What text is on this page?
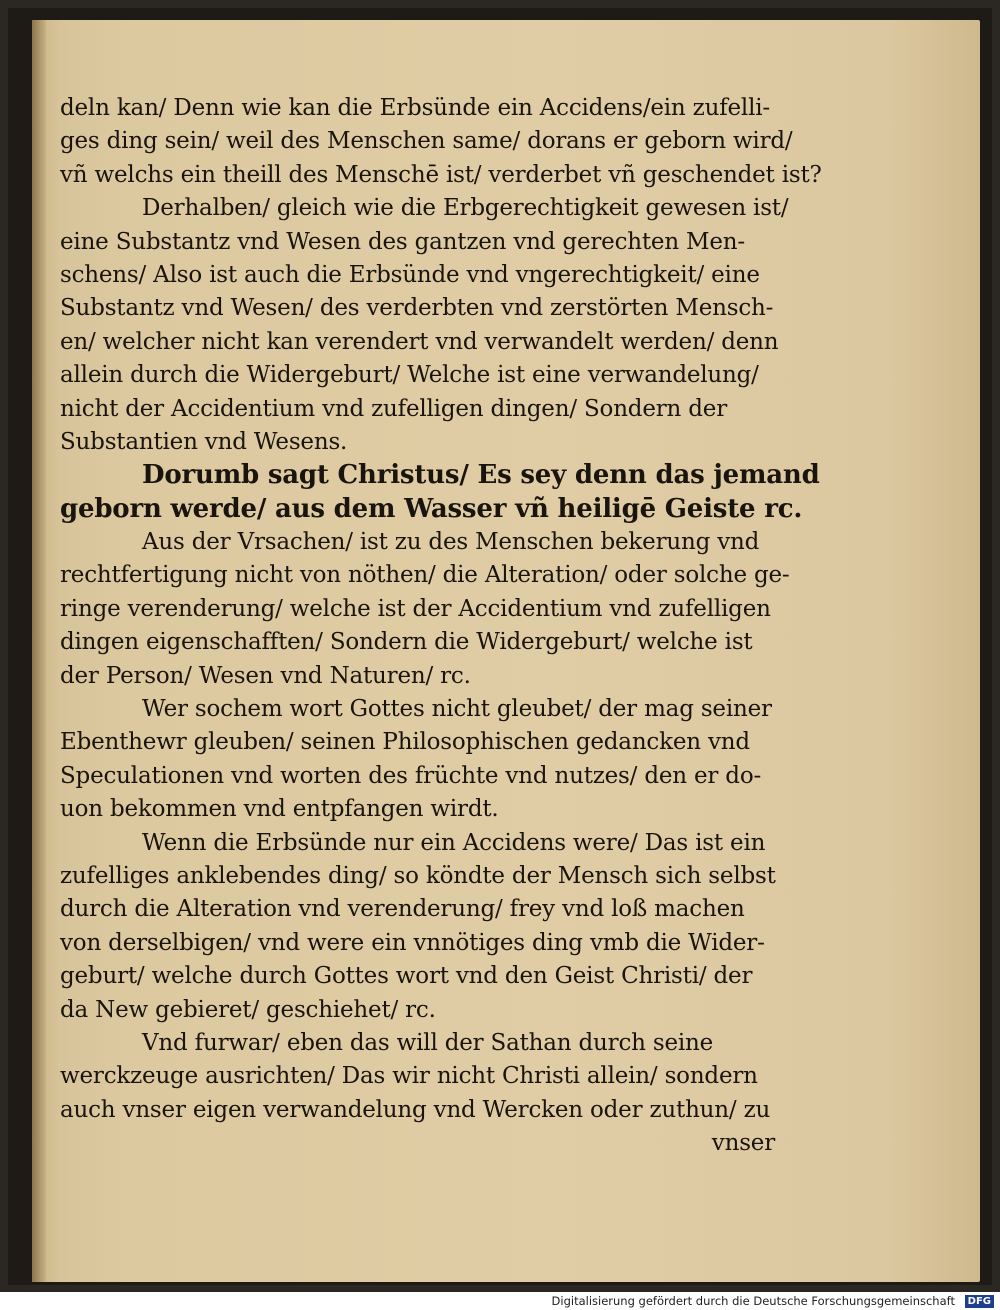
deln kan/ Denn wie kan die Erbsünde ein Accidens/ein zufelli-
ges ding sein/ weil des Menschen same/ dorans er geborn wird/
vñ welchs ein theill des Menschē ist/ verderbet vñ geschendet ist?
Derhalben/ gleich wie die Erbgerechtigkeit gewesen ist/
eine Substantz vnd Wesen des gantzen vnd gerechten Men-
schens/ Also ist auch die Erbsünde vnd vngerechtigkeit/ eine
Substantz vnd Wesen/ des verderbten vnd zerstörten Mensch-
en/ welcher nicht kan verendert vnd verwandelt werden/ denn
allein durch die Widergeburt/ Welche ist eine verwandelung/
nicht der Accidentium vnd zufelligen dingen/ Sondern der
Substantien vnd Wesens.
Dorumb sagt Christus/ Es sey denn das jemand
geborn werde/ aus dem Wasser vñ heiligē Geiste rc.
Aus der Vrsachen/ ist zu des Menschen bekerung vnd
rechtfertigung nicht von nöthen/ die Alteration/ oder solche ge-
ringe verenderung/ welche ist der Accidentium vnd zufelligen
dingen eigenschafften/ Sondern die Widergeburt/ welche ist
der Person/ Wesen vnd Naturen/ rc.
Wer sochem wort Gottes nicht gleubet/ der mag seiner
Ebenthewr gleuben/ seinen Philosophischen gedancken vnd
Speculationen vnd worten des früchte vnd nutzes/ den er do-
uon bekommen vnd entpfangen wirdt.
Wenn die Erbsünde nur ein Accidens were/ Das ist ein
zufelliges anklebendes ding/ so köndte der Mensch sich selbst
durch die Alteration vnd verenderung/ frey vnd loß machen
von derselbigen/ vnd were ein vnnötiges ding vmb die Wider-
geburt/ welche durch Gottes wort vnd den Geist Christi/ der
da New gebieret/ geschiehet/ rc.
Vnd furwar/ eben das will der Sathan durch seine
werckzeuge ausrichten/ Das wir nicht Christi allein/ sondern
auch vnser eigen verwandelung vnd Wercken oder zuthun/ zu
vnser
Digitalisierung gefördert durch die Deutsche Forschungsgemeinschaft DFG
